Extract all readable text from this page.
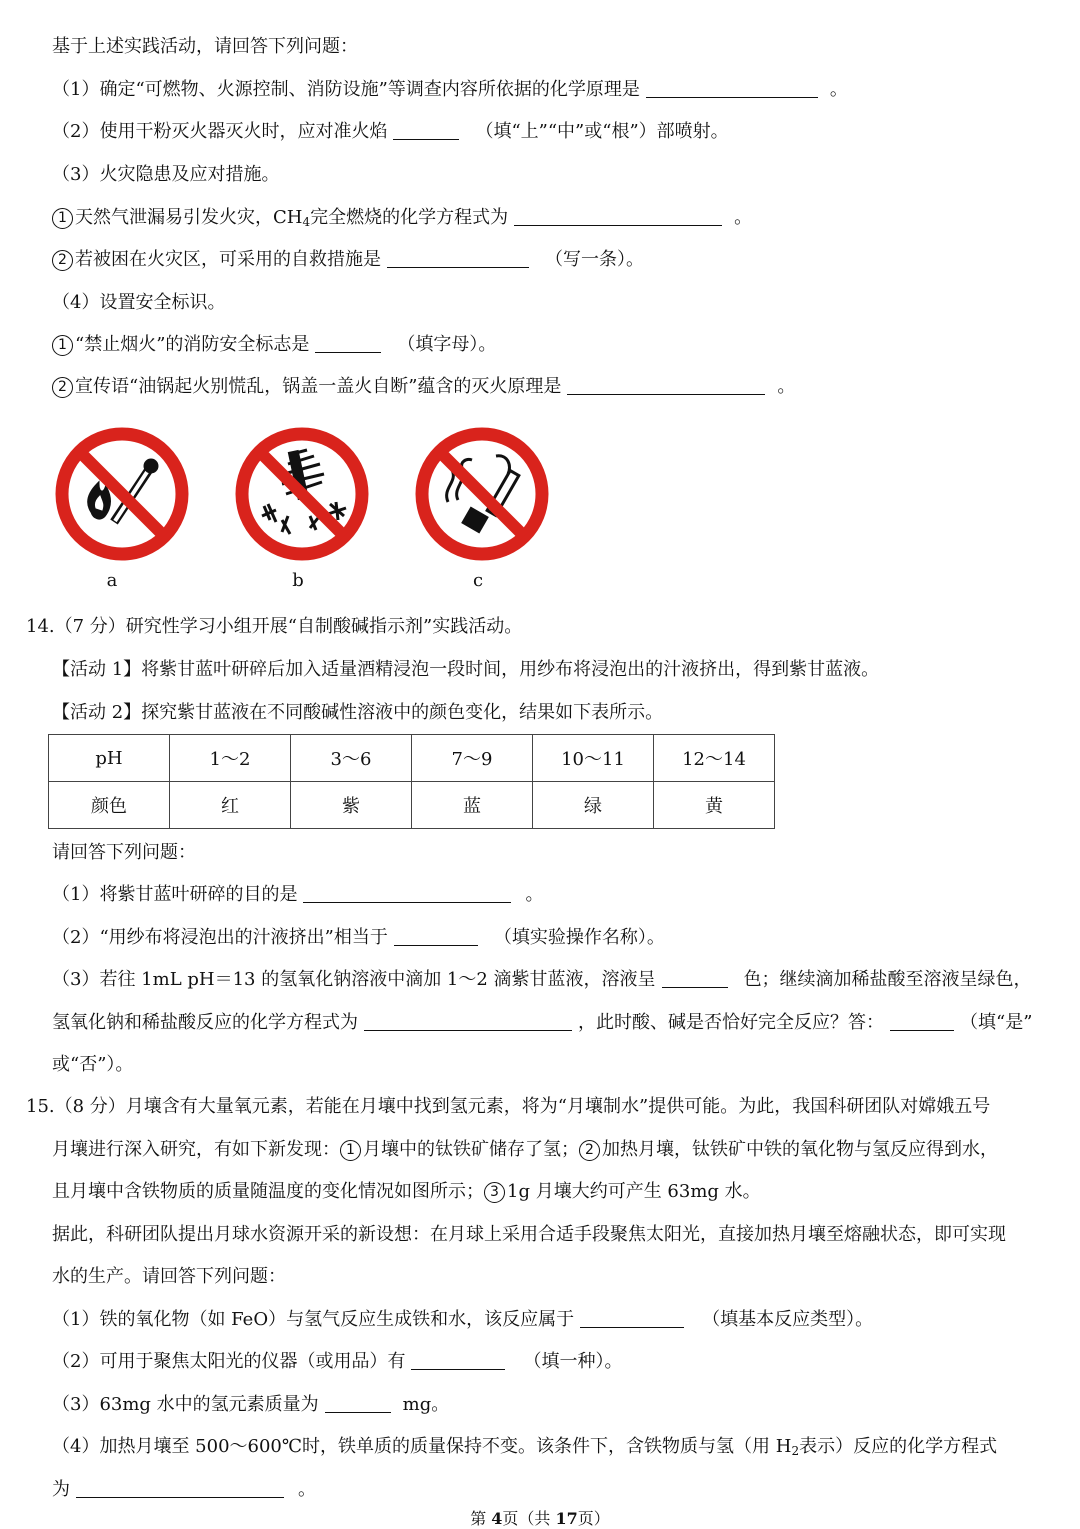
基于上述实践活动，请回答下列问题：
（1）确定“可燃物、火源控制、消防设施”等调查内容所依据的化学原理是	。
（2）使用干粉灭火器灭火时，应对准火焰	（填“上”“中”或“根”）部喷射。
（3）火灾隐患及应对措施。
1 天然气泄漏易引发火灾，$CH_4$完全燃烧的化学方程式为	。
2 若被困在火灾区，可采用的自救措施是	（写一条）。
（4）设置安全标识。
1 “禁止烟火”的消防安全标志是	（填字母）。
2 宣传语“油锅起火别慌乱，锅盖一盖火自断”蕴含的灭火原理是	。
a	b	c
14.（7 分）研究性学习小组开展“自制酸碱指示剂”实践活动。
【活动 1】将紫甘蓝叶研碎后加入适量酒精浸泡一段时间，用纱布将浸泡出的汁液挤出，得到紫甘蓝液。
【活动 2】探究紫甘蓝液在不同酸碱性溶液中的颜色变化，结果如下表所示。
pH	1～2	3～6	7～9	10～11	12～14
颜色	红	紫	蓝	绿	黄
请回答下列问题：
（1）将紫甘蓝叶研碎的目的是	。
（2）“用纱布将浸泡出的汁液挤出”相当于	（填实验操作名称）。
（3）若往 1mL pH＝13 的氢氧化钠溶液中滴加 1～2 滴紫甘蓝液，溶液呈	色；继续滴加稀盐酸至溶液呈绿色，
氢氧化钠和稀盐酸反应的化学方程式为	，此时酸、碱是否恰好完全反应？答：	（填“是”
或“否”）。
15.（8 分）月壤含有大量氧元素，若能在月壤中找到氢元素，将为“月壤制水”提供可能。为此，我国科研团队对嫦娥五号
月壤进行深入研究，有如下新发现： 1 月壤中的钛铁矿储存了氢； 2 加热月壤，钛铁矿中铁的氧化物与氢反应得到水，
且月壤中含铁物质的质量随温度的变化情况如图所示； 3 1g 月壤大约可产生 63mg 水。
据此，科研团队提出月球水资源开采的新设想：在月球上采用合适手段聚焦太阳光，直接加热月壤至熔融状态，即可实现
水的生产。请回答下列问题：
（1）铁的氧化物（如 FeO）与氢气反应生成铁和水，该反应属于	（填基本反应类型）。
（2）可用于聚焦太阳光的仪器（或用品）有	（填一种）。
（3）63mg 水中的氢元素质量为	mg。
（4）加热月壤至 500～600℃时，铁单质的质量保持不变。该条件下，含铁物质与氢（用 $H_2$表示）反应的化学方程式
为	。
第 4页（共 17页）
